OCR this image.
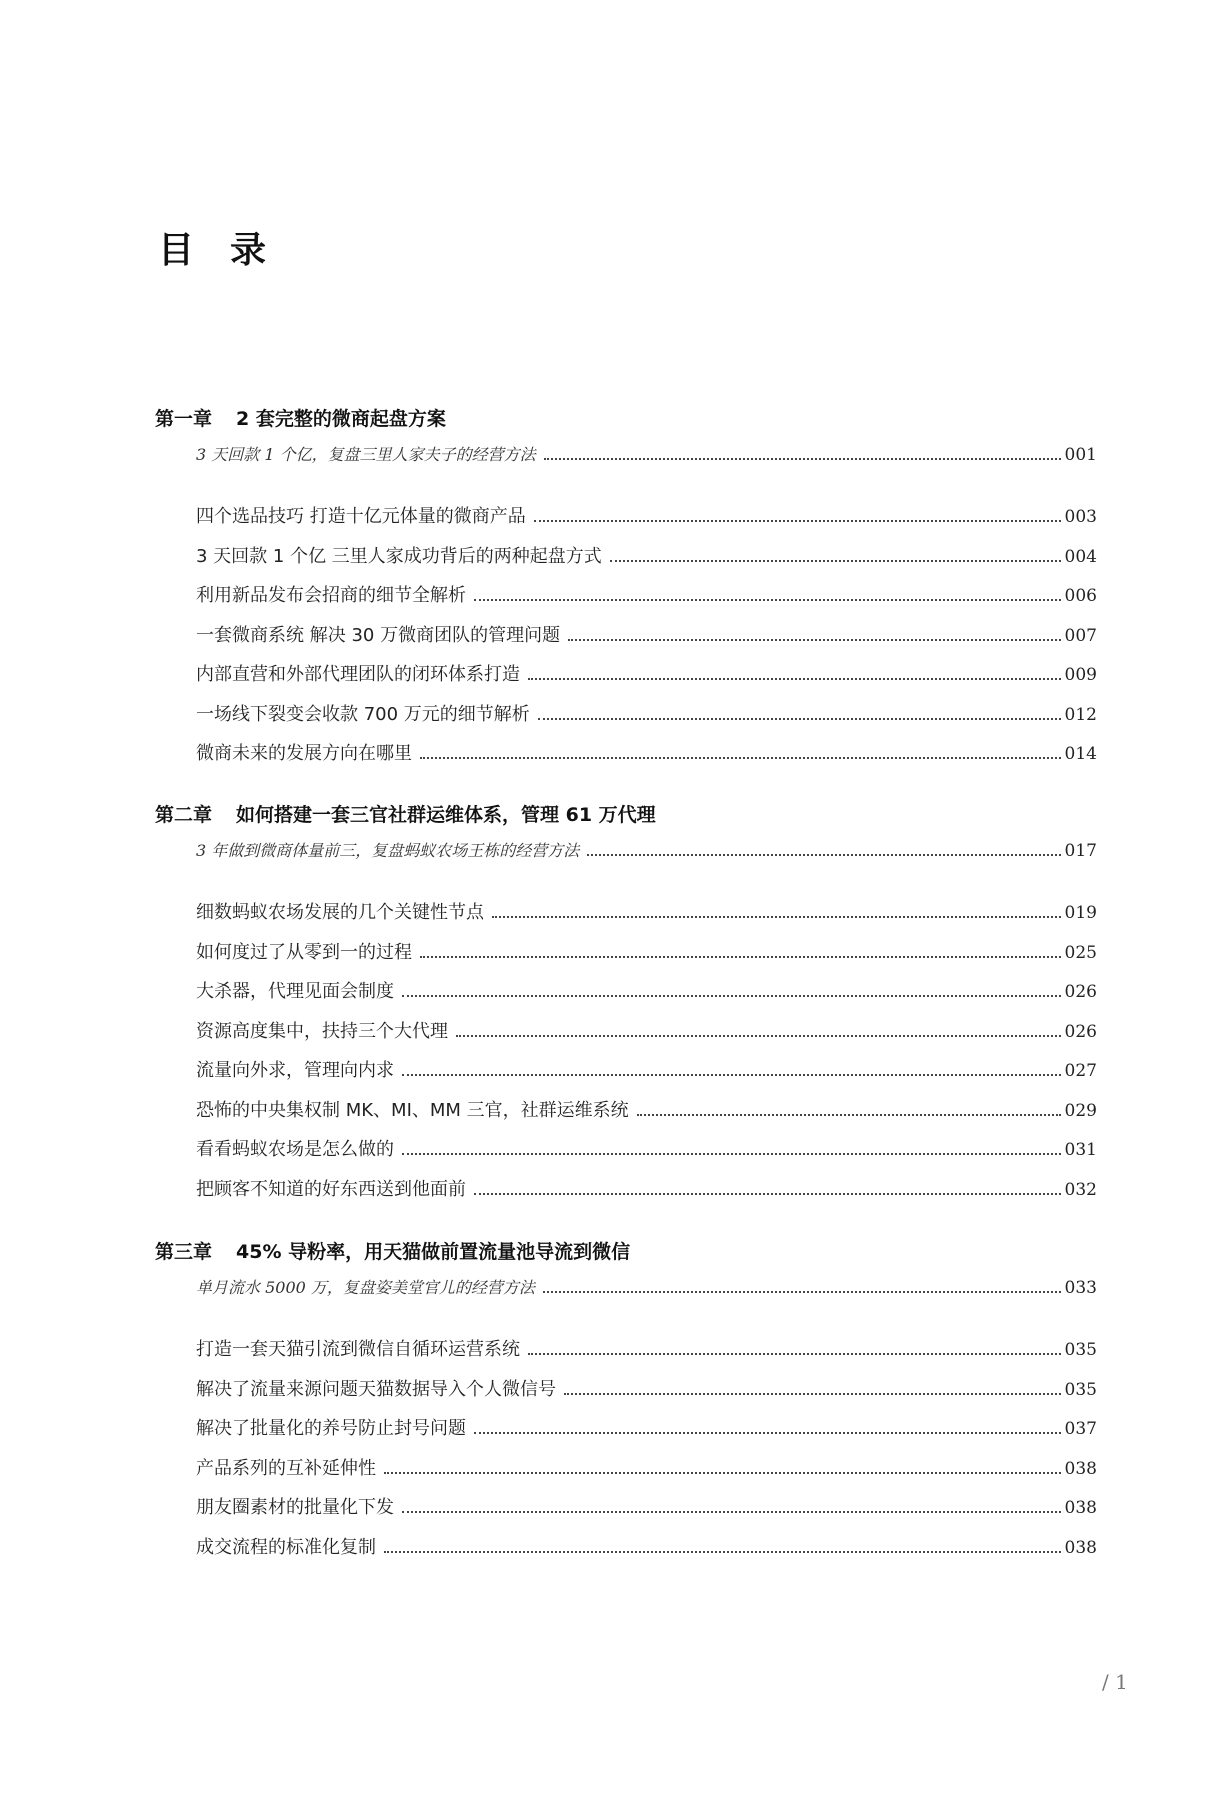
目录
第一章 2 套完整的微商起盘方案
3 天回款 1 个亿，复盘三里人家夫子的经营方法	001
四个选品技巧 打造十亿元体量的微商产品	003
3 天回款 1 个亿 三里人家成功背后的两种起盘方式	004
利用新品发布会招商的细节全解析	006
一套微商系统 解决 30 万微商团队的管理问题	007
内部直营和外部代理团队的闭环体系打造	009
一场线下裂变会收款 700 万元的细节解析	012
微商未来的发展方向在哪里	014
第二章 如何搭建一套三官社群运维体系，管理 61 万代理
3 年做到微商体量前三，复盘蚂蚁农场王栋的经营方法	017
细数蚂蚁农场发展的几个关键性节点	019
如何度过了从零到一的过程	025
大杀器，代理见面会制度	026
资源高度集中，扶持三个大代理	026
流量向外求，管理向内求	027
恐怖的中央集权制 MK、MI、MM 三官，社群运维系统	029
看看蚂蚁农场是怎么做的	031
把顾客不知道的好东西送到他面前	032
第三章 45% 导粉率，用天猫做前置流量池导流到微信
单月流水 5000 万，复盘姿美堂官儿的经营方法	033
打造一套天猫引流到微信自循环运营系统	035
解决了流量来源问题天猫数据导入个人微信号	035
解决了批量化的养号防止封号问题	037
产品系列的互补延伸性	038
朋友圈素材的批量化下发	038
成交流程的标准化复制	038
/ 1
